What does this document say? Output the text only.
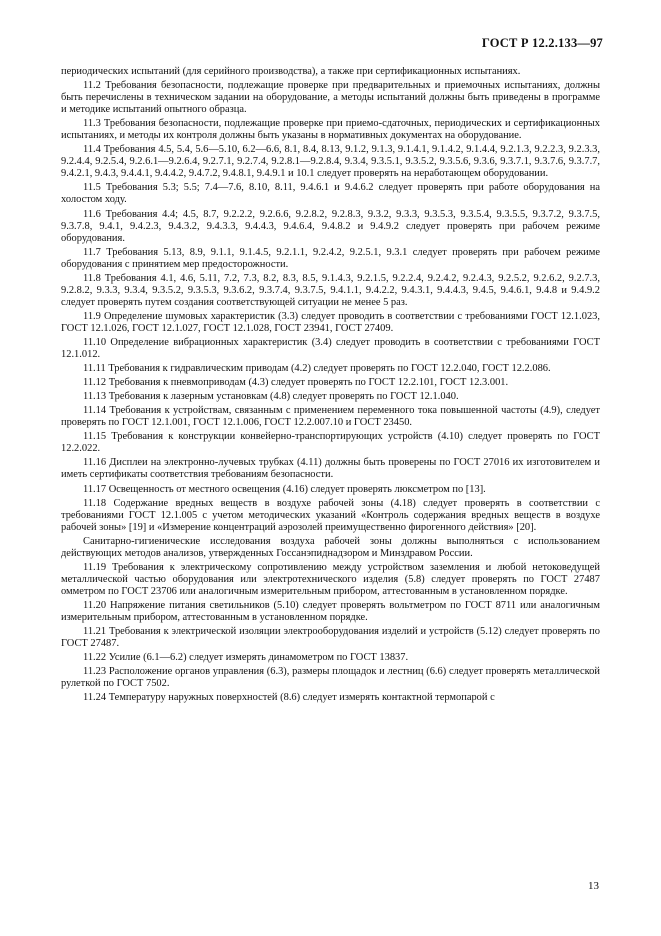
ГОСТ Р 12.2.133—97

периодических испытаний (для серийного производства), а также при сертификационных испытаниях.

11.2 Требования безопасности, подлежащие проверке при предварительных и приемочных испытаниях, должны быть перечислены в техническом задании на оборудование, а методы испытаний должны быть приведены в программе и методике испытаний опытного образца.

11.3 Требования безопасности, подлежащие проверке при приемо-сдаточных, периодических и сертификационных испытаниях, и методы их контроля должны быть указаны в нормативных документах на оборудование.

11.4 Требования 4.5, 5.4, 5.6—5.10, 6.2—6.6, 8.1, 8.4, 8.13, 9.1.2, 9.1.3, 9.1.4.1, 9.1.4.2, 9.1.4.4, 9.2.1.3, 9.2.2.3, 9.2.3.3, 9.2.4.4, 9.2.5.4, 9.2.6.1—9.2.6.4, 9.2.7.1, 9.2.7.4, 9.2.8.1—9.2.8.4, 9.3.4, 9.3.5.1, 9.3.5.2, 9.3.5.6, 9.3.6, 9.3.7.1, 9.3.7.6, 9.3.7.7, 9.4.2.1, 9.4.3, 9.4.4.1, 9.4.4.2, 9.4.7.2, 9.4.8.1, 9.4.9.1 и 10.1 следует проверять на неработающем оборудовании.

11.5 Требования 5.3; 5.5; 7.4—7.6, 8.10, 8.11, 9.4.6.1 и 9.4.6.2 следует проверять при работе оборудования на холостом ходу.

11.6 Требования 4.4; 4.5, 8.7, 9.2.2.2, 9.2.6.6, 9.2.8.2, 9.2.8.3, 9.3.2, 9.3.3, 9.3.5.3, 9.3.5.4, 9.3.5.5, 9.3.7.2, 9.3.7.5, 9.3.7.8, 9.4.1, 9.4.2.3, 9.4.3.2, 9.4.3.3, 9.4.4.3, 9.4.6.4, 9.4.8.2 и 9.4.9.2 следует проверять при рабочем режиме оборудования.

11.7 Требования 5.13, 8.9, 9.1.1, 9.1.4.5, 9.2.1.1, 9.2.4.2, 9.2.5.1, 9.3.1 следует проверять при рабочем режиме оборудования с принятием мер предосторожности.

11.8 Требования 4.1, 4.6, 5.11, 7.2, 7.3, 8.2, 8.3, 8.5, 9.1.4.3, 9.2.1.5, 9.2.2.4, 9.2.4.2, 9.2.4.3, 9.2.5.2, 9.2.6.2, 9.2.7.3, 9.2.8.2, 9.3.3, 9.3.4, 9.3.5.2, 9.3.5.3, 9.3.6.2, 9.3.7.4, 9.3.7.5, 9.4.1.1, 9.4.2.2, 9.4.3.1, 9.4.4.3, 9.4.5, 9.4.6.1, 9.4.8 и 9.4.9.2 следует проверять путем создания соответствующей ситуации не менее 5 раз.

11.9 Определение шумовых характеристик (3.3) следует проводить в соответствии с требованиями ГОСТ 12.1.023, ГОСТ 12.1.026, ГОСТ 12.1.027, ГОСТ 12.1.028, ГОСТ 23941, ГОСТ 27409.

11.10 Определение вибрационных характеристик (3.4) следует проводить в соответствии с требованиями ГОСТ 12.1.012.

11.11 Требования к гидравлическим приводам (4.2) следует проверять по ГОСТ 12.2.040, ГОСТ 12.2.086.

11.12 Требования к пневмоприводам (4.3) следует проверять по ГОСТ 12.2.101, ГОСТ 12.3.001.

11.13 Требования к лазерным установкам (4.8) следует проверять по ГОСТ 12.1.040.

11.14 Требования к устройствам, связанным с применением переменного тока повышенной частоты (4.9), следует проверять по ГОСТ 12.1.001, ГОСТ 12.1.006, ГОСТ 12.2.007.10 и ГОСТ 23450.

11.15 Требования к конструкции конвейерно-транспортирующих устройств (4.10) следует проверять по ГОСТ 12.2.022.

11.16 Дисплеи на электронно-лучевых трубках (4.11) должны быть проверены по ГОСТ 27016 их изготовителем и иметь сертификаты соответствия требованиям безопасности.

11.17 Освещенность от местного освещения (4.16) следует проверять люксметром по [13].

11.18 Содержание вредных веществ в воздухе рабочей зоны (4.18) следует проверять в соответствии с требованиями ГОСТ 12.1.005 с учетом методических указаний «Контроль содержания вредных веществ в воздухе рабочей зоны» [19] и «Измерение концентраций аэрозолей преимущественно фирогенного действия» [20].

Санитарно-гигиенические исследования воздуха рабочей зоны должны выполняться с использованием действующих методов анализов, утвержденных Госсанэпиднадзором и Минздравом России.

11.19 Требования к электрическому сопротивлению между устройством заземления и любой нетоковедущей металлической частью оборудования или электротехнического изделия (5.8) следует проверять по ГОСТ 27487 омметром по ГОСТ 23706 или аналогичным измерительным прибором, аттестованным в установленном порядке.

11.20 Напряжение питания светильников (5.10) следует проверять вольтметром по ГОСТ 8711 или аналогичным измерительным прибором, аттестованным в установленном порядке.

11.21 Требования к электрической изоляции электрооборудования изделий и устройств (5.12) следует проверять по ГОСТ 27487.

11.22 Усилие (6.1—6.2) следует измерять динамометром по ГОСТ 13837.

11.23 Расположение органов управления (6.3), размеры площадок и лестниц (6.6) следует проверять металлической рулеткой по ГОСТ 7502.

11.24 Температуру наружных поверхностей (8.6) следует измерять контактной термопарой с

13
